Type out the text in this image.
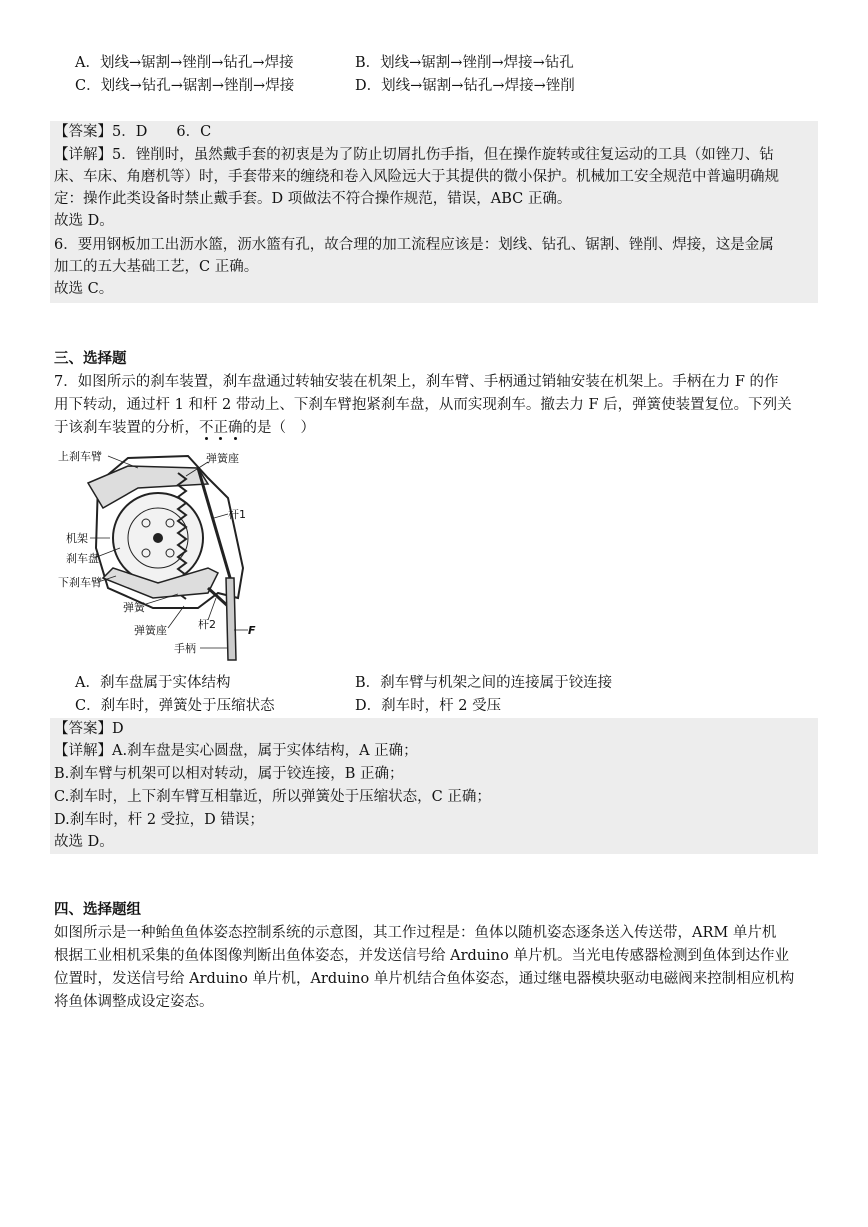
A．划线→锯割→锉削→钻孔→焊接	B．划线→锯割→锉削→焊接→钻孔
C．划线→钻孔→锯割→锉削→焊接	D．划线→锯割→钻孔→焊接→锉削
【答案】5．D　　6．C
【详解】5．锉削时，虽然戴手套的初衷是为了防止切屑扎伤手指，但在操作旋转或往复运动的工具（如锉刀、钻
床、车床、角磨机等）时，手套带来的缠绕和卷入风险远大于其提供的微小保护。机械加工安全规范中普遍明确规
定：操作此类设备时禁止戴手套。D 项做法不符合操作规范，错误，ABC 正确。
故选 D。
6．要用钢板加工出沥水篮，沥水篮有孔，故合理的加工流程应该是：划线、钻孔、锯割、锉削、焊接，这是金属
加工的五大基础工艺，C 正确。
故选 C。
三、选择题
7．如图所示的刹车装置，刹车盘通过转轴安装在机架上，刹车臂、手柄通过销轴安装在机架上。手柄在力 F 的作
用下转动，通过杆 1 和杆 2 带动上、下刹车臂抱紧刹车盘，从而实现刹车。撤去力 F 后，弹簧使装置复位。下列关
于该刹车装置的分析，不正确的是（　）
上刹车臂	弹簧座
杆1
机架
刹车盘
下刹车臂
弹簧
弹簧座	杆2	F
手柄
A．刹车盘属于实体结构	B．刹车臂与机架之间的连接属于铰连接
C．刹车时，弹簧处于压缩状态	D．刹车时，杆 2 受压
【答案】D
【详解】A.刹车盘是实心圆盘，属于实体结构，A 正确；
B.刹车臂与机架可以相对转动，属于铰连接，B 正确；
C.刹车时，上下刹车臂互相靠近，所以弹簧处于压缩状态，C 正确；
D.刹车时，杆 2 受拉，D 错误；
故选 D。
四、选择题组
如图所示是一种鲐鱼鱼体姿态控制系统的示意图，其工作过程是：鱼体以随机姿态逐条送入传送带，ARM 单片机
根据工业相机采集的鱼体图像判断出鱼体姿态，并发送信号给 Arduino 单片机。当光电传感器检测到鱼体到达作业
位置时，发送信号给 Arduino 单片机，Arduino 单片机结合鱼体姿态，通过继电器模块驱动电磁阀来控制相应机构
将鱼体调整成设定姿态。
